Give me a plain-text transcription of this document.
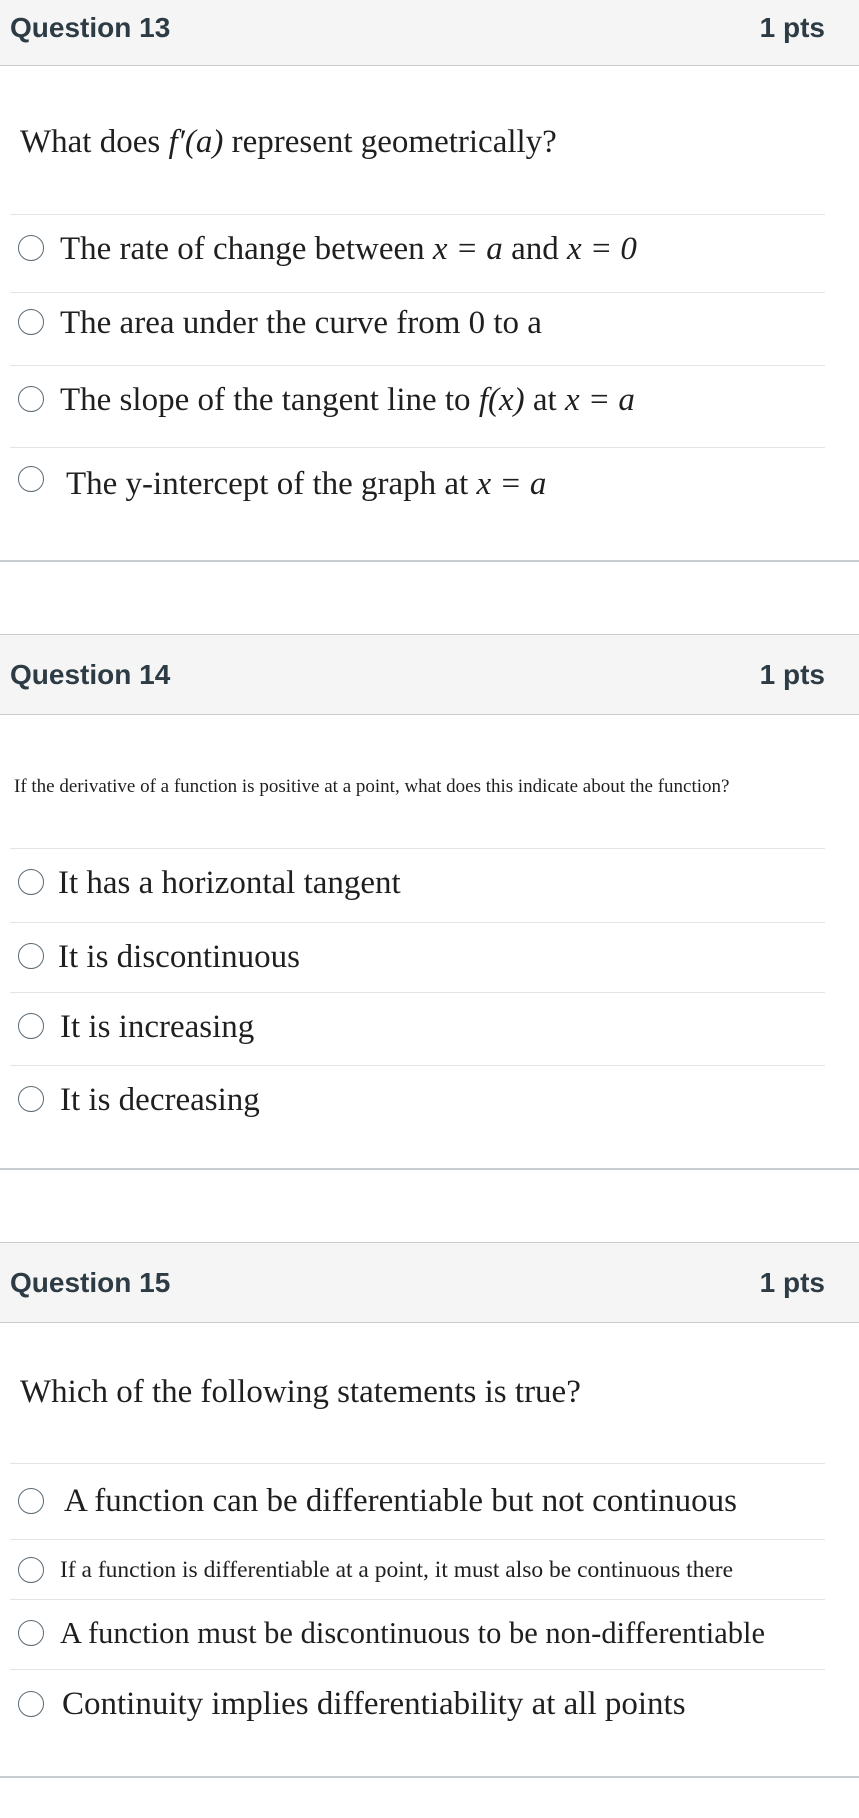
Question 13	1 pts
What does f′(a) represent geometrically?
The rate of change between x = a and x = 0
The area under the curve from 0 to a
The slope of the tangent line to f(x) at x = a
The y-intercept of the graph at x = a
Question 14	1 pts
If the derivative of a function is positive at a point, what does this indicate about the function?
It has a horizontal tangent
It is discontinuous
It is increasing
It is decreasing
Question 15	1 pts
Which of the following statements is true?
A function can be differentiable but not continuous
If a function is differentiable at a point, it must also be continuous there
A function must be discontinuous to be non-differentiable
Continuity implies differentiability at all points
